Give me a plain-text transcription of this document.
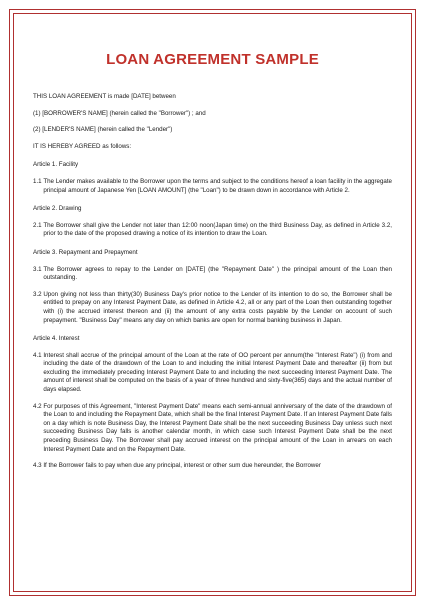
LOAN AGREEMENT SAMPLE

THIS LOAN AGREEMENT is made [DATE] between

(1) [BORROWER'S NAME] (herein called the "Borrower") ; and

(2) [LENDER'S NAME] (herein called the "Lender")

IT IS HEREBY AGREED as follows:

Article 1. Facility

1.1 The Lender makes available to the Borrower upon the terms and subject to the conditions hereof a loan facility in the aggregate principal amount of Japanese Yen [LOAN AMOUNT] (the "Loan") to be drawn down in accordance with Article 2.

Article 2. Drawing

2.1 The Borrower shall give the Lender not later than 12:00 noon(Japan time) on the third Business Day, as defined in Article 3.2, prior to the date of the proposed drawing a notice of its intention to draw the Loan.

Article 3. Repayment and Prepayment

3.1 The Borrower agrees to repay to the Lender on [DATE] (the "Repayment Date" ) the principal amount of the Loan then outstanding.
3.2 Upon giving not less than thirty(30) Business Day's prior notice to the Lender of its intention to do so, the Borrower shall be entitled to prepay on any Interest Payment Date, as defined in Article 4.2, all or any part of the Loan then outstanding together with (i) the accrued interest thereon and (ii) the amount of any extra costs payable by the Lender on account of such prepayment. "Business Day" means any day on which banks are open for normal banking business in Japan.

Article 4. Interest

4.1 Interest shall accrue of the principal amount of the Loan at the rate of OO percent per annum(the "Interest Rate") (i) from and including the date of the drawdown of the Loan to and including the initial Interest Payment Date and thereafter (ii) from but excluding the immediately preceding Interest Payment Date to and including the next succeeding Interest Payment Date. The amount of interest shall be computed on the basis of a year of three hundred and sixty-five(365) days and the actual number of days elapsed.
4.2 For purposes of this Agreement, "Interest Payment Date" means each semi-annual anniversary of the date of the drawdown of the Loan to and including the Repayment Date, which shall be the final Interest Payment Date. If an Interest Payment Date falls on a day which is note Business Day, the Interest Payment Date shall be the next succeeding Business Day unless such next succeeding Business Day falls is another calendar month, in which case such Interest Payment Date shall be the next preceding Business Day. The Borrower shall pay accrued interest on the principal amount of the Loan in arrears on each Interest Payment Date and on the Repayment Date.
4.3 If the Borrower fails to pay when due any principal, interest or other sum due hereunder, the Borrower
